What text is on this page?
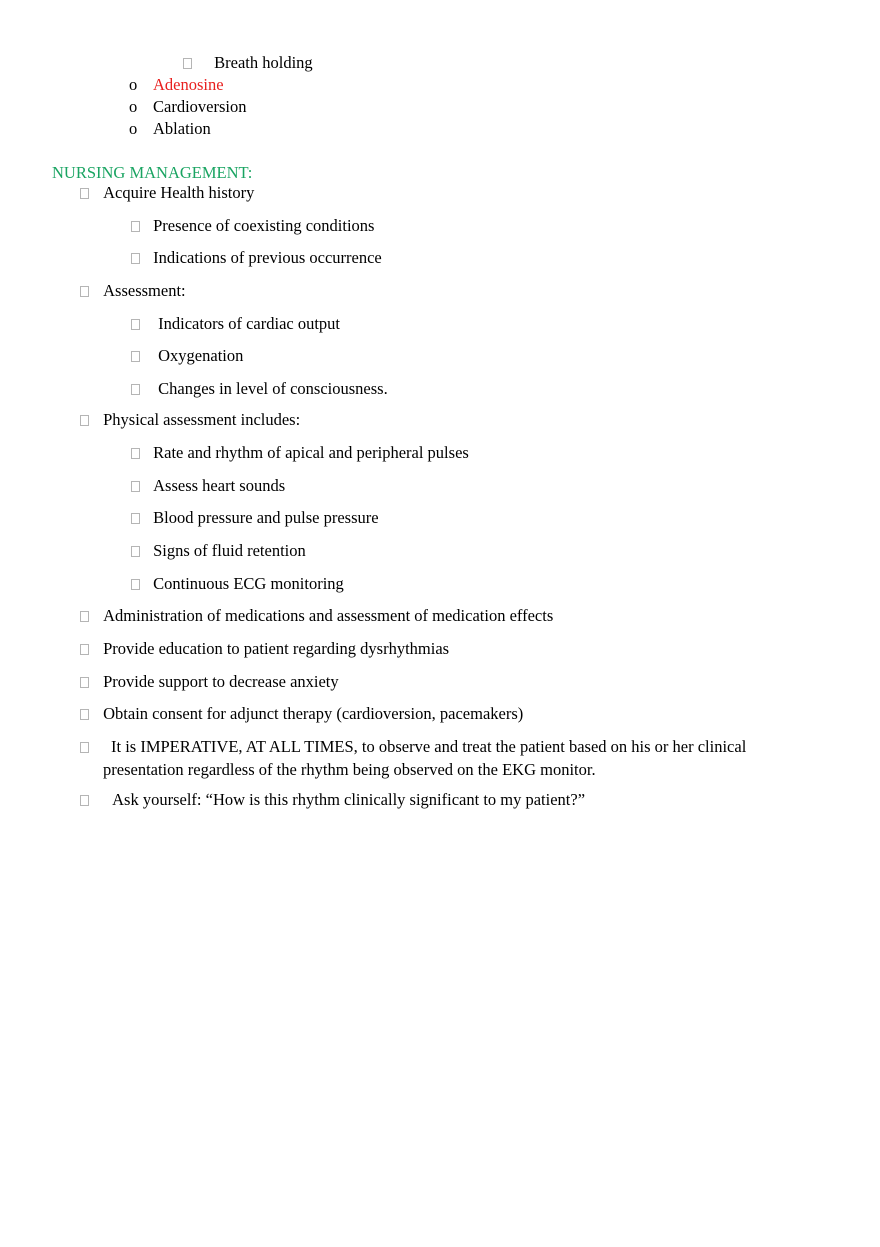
Breath holding
o Adenosine
o Cardioversion
o Ablation
NURSING MANAGEMENT:
Acquire Health history
Presence of coexisting conditions
Indications of previous occurrence
Assessment:
Indicators of cardiac output
Oxygenation
Changes in level of consciousness.
Physical assessment includes:
Rate and rhythm of apical and peripheral pulses
Assess heart sounds
Blood pressure and pulse pressure
Signs of fluid retention
Continuous ECG monitoring
Administration of medications and assessment of medication effects
Provide education to patient regarding dysrhythmias
Provide support to decrease anxiety
Obtain consent for adjunct therapy (cardioversion, pacemakers)
It is IMPERATIVE, AT ALL TIMES, to observe and treat the patient based on his or her clinical presentation regardless of the rhythm being observed on the EKG monitor.
Ask yourself: “How is this rhythm clinically significant to my patient?”
